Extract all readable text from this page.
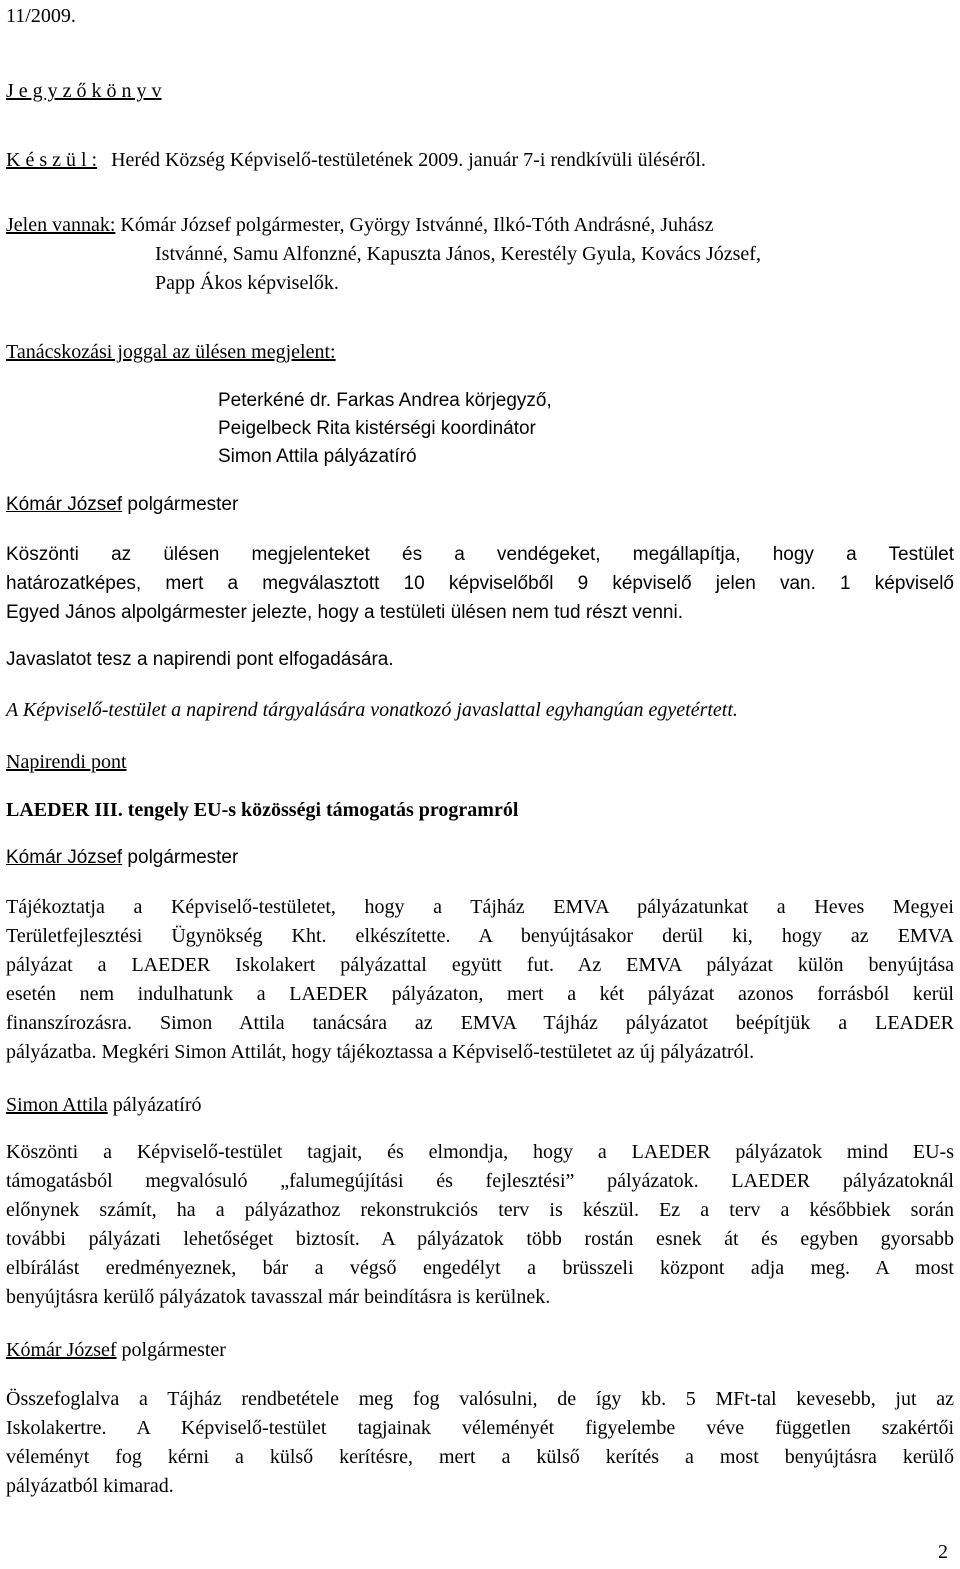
11/2009.
J e g y z ő k ö n y v
K é s z ü l : Heréd Község Képviselő-testületének 2009. január 7-i rendkívüli üléséről.
Jelen vannak: Kómár József polgármester, György Istvánné, Ilkó-Tóth Andrásné, Juhász
Istvánné, Samu Alfonzné, Kapuszta János, Kerestély Gyula, Kovács József,
Papp Ákos képviselők.
Tanácskozási joggal az ülésen megjelent:
Peterkéné dr. Farkas Andrea körjegyző,
Peigelbeck Rita kistérségi koordinátor
Simon Attila pályázatíró
Kómár József polgármester
Köszönti az ülésen megjelenteket és a vendégeket, megállapítja, hogy a Testület
határozatképes, mert a megválasztott 10 képviselőből 9 képviselő jelen van. 1 képviselő
Egyed János alpolgármester jelezte, hogy a testületi ülésen nem tud részt venni.
Javaslatot tesz a napirendi pont elfogadására.
A Képviselő-testület a napirend tárgyalására vonatkozó javaslattal egyhangúan egyetértett.
Napirendi pont
LAEDER III. tengely EU-s közösségi támogatás programról
Kómár József polgármester
Tájékoztatja a Képviselő-testületet, hogy a Tájház EMVA pályázatunkat a Heves Megyei
Területfejlesztési Ügynökség Kht. elkészítette. A benyújtásakor derül ki, hogy az EMVA
pályázat a LAEDER Iskolakert pályázattal együtt fut. Az EMVA pályázat külön benyújtása
esetén nem indulhatunk a LAEDER pályázaton, mert a két pályázat azonos forrásból kerül
finanszírozásra. Simon Attila tanácsára az EMVA Tájház pályázatot beépítjük a LEADER
pályázatba. Megkéri Simon Attilát, hogy tájékoztassa a Képviselő-testületet az új pályázatról.
Simon Attila pályázatíró
Köszönti a Képviselő-testület tagjait, és elmondja, hogy a LAEDER pályázatok mind EU-s
támogatásból megvalósuló „falumegújítási és fejlesztési” pályázatok. LAEDER pályázatoknál
előnynek számít, ha a pályázathoz rekonstrukciós terv is készül. Ez a terv a későbbiek során
további pályázati lehetőséget biztosít. A pályázatok több rostán esnek át és egyben gyorsabb
elbírálást eredményeznek, bár a végső engedélyt a brüsszeli központ adja meg. A most
benyújtásra kerülő pályázatok tavasszal már beindításra is kerülnek.
Kómár József polgármester
Összefoglalva a Tájház rendbetétele meg fog valósulni, de így kb. 5 MFt-tal kevesebb, jut az
Iskolakertre. A Képviselő-testület tagjainak véleményét figyelembe véve független szakértői
véleményt fog kérni a külső kerítésre, mert a külső kerítés a most benyújtásra kerülő
pályázatból kimarad.
2
